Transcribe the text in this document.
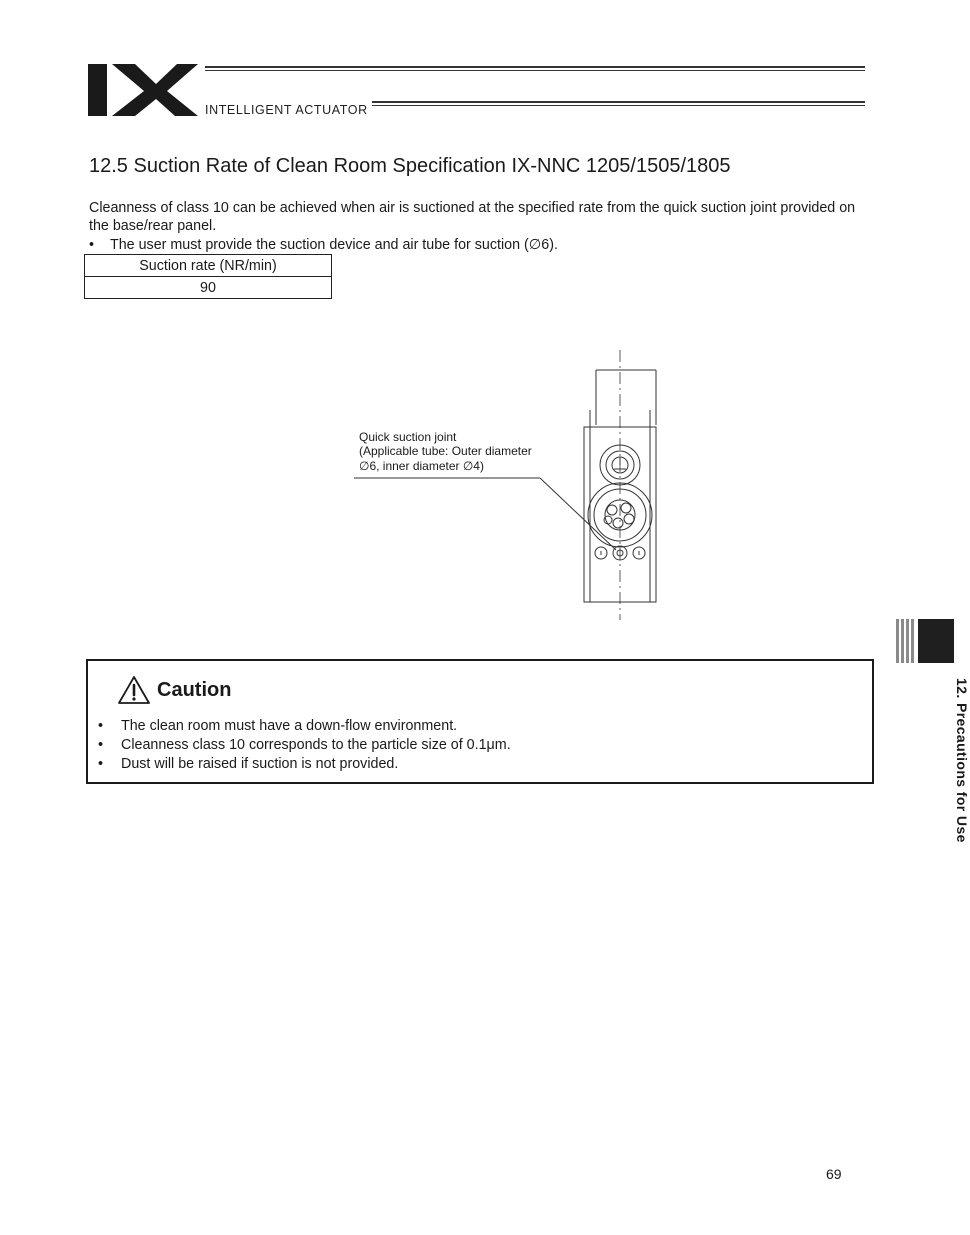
INTELLIGENT ACTUATOR
12.5 Suction Rate of Clean Room Specification IX-NNC 1205/1505/1805
Cleanness of class 10 can be achieved when air is suctioned at the specified rate from the quick suction joint provided on the base/rear panel.
• The user must provide the suction device and air tube for suction (∅6).
Suction rate (NR/min)
90
Quick suction joint
(Applicable tube: Outer diameter
∅6, inner diameter ∅4)
12. Precautions for Use
Caution
• The clean room must have a down-flow environment.
• Cleanness class 10 corresponds to the particle size of 0.1μm.
• Dust will be raised if suction is not provided.
69
